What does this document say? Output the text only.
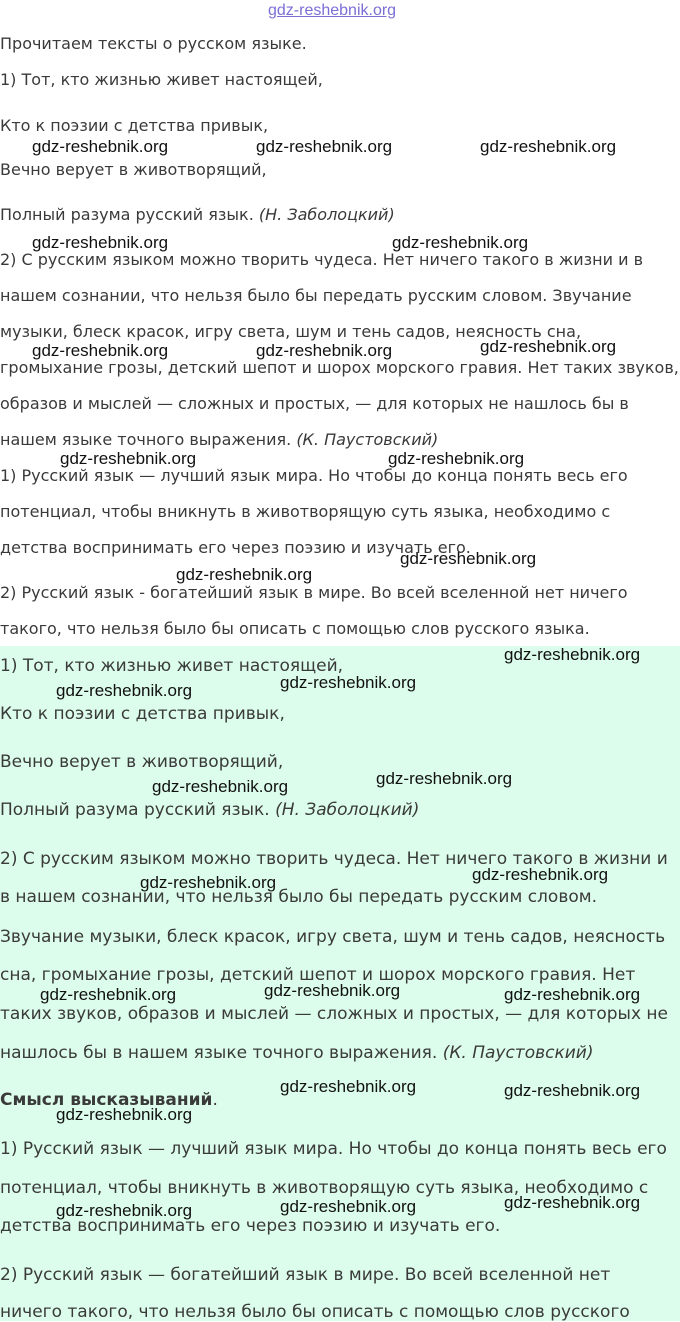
gdz-reshebnik.org

Прочитаем тексты о русском языке.

1) Тот, кто жизнью живет настоящей,

Кто к поэзии с детства привык,

Вечно верует в животворящий,

Полный разума русский язык. (Н. Заболоцкий)

2) С русским языком можно творить чудеса. Нет ничего такого в жизни и в

нашем сознании, что нельзя было бы передать русским словом. Звучание

музыки, блеск красок, игру света, шум и тень садов, неясность сна,

громыхание грозы, детский шепот и шорох морского гравия. Нет таких звуков,

образов и мыслей — сложных и простых, — для которых не нашлось бы в

нашем языке точного выражения. (К. Паустовский)

1) Русский язык — лучший язык мира. Но чтобы до конца понять весь его

потенциал, чтобы вникнуть в животворящую суть языка, необходимо с

детства воспринимать его через поэзию и изучать его.

2) Русский язык - богатейший язык в мире. Во всей вселенной нет ничего

такого, что нельзя было бы описать с помощью слов русского языка.

1) Тот, кто жизнью живет настоящей,

Кто к поэзии с детства привык,

Вечно верует в животворящий,

Полный разума русский язык. (Н. Заболоцкий)

2) С русским языком можно творить чудеса. Нет ничего такого в жизни и

в нашем сознании, что нельзя было бы передать русским словом.

Звучание музыки, блеск красок, игру света, шум и тень садов, неясность

сна, громыхание грозы, детский шепот и шорох морского гравия. Нет

таких звуков, образов и мыслей — сложных и простых, — для которых не

нашлось бы в нашем языке точного выражения. (К. Паустовский)

Смысл высказываний.

1) Русский язык — лучший язык мира. Но чтобы до конца понять весь его

потенциал, чтобы вникнуть в животворящую суть языка, необходимо с

детства воспринимать его через поэзию и изучать его.

2) Русский язык — богатейший язык в мире. Во всей вселенной нет

ничего такого, что нельзя было бы описать с помощью слов русского

gdz-reshebnik.org	gdz-reshebnik.org	gdz-reshebnik.org
gdz-reshebnik.org	gdz-reshebnik.org
gdz-reshebnik.org	gdz-reshebnik.org	gdz-reshebnik.org
gdz-reshebnik.org	gdz-reshebnik.org
gdz-reshebnik.org
gdz-reshebnik.org
gdz-reshebnik.org
gdz-reshebnik.org
gdz-reshebnik.org
gdz-reshebnik.org
gdz-reshebnik.org
gdz-reshebnik.org
gdz-reshebnik.org
gdz-reshebnik.org
gdz-reshebnik.org	gdz-reshebnik.org
gdz-reshebnik.org	gdz-reshebnik.org
gdz-reshebnik.org
gdz-reshebnik.org
gdz-reshebnik.org
gdz-reshebnik.org
